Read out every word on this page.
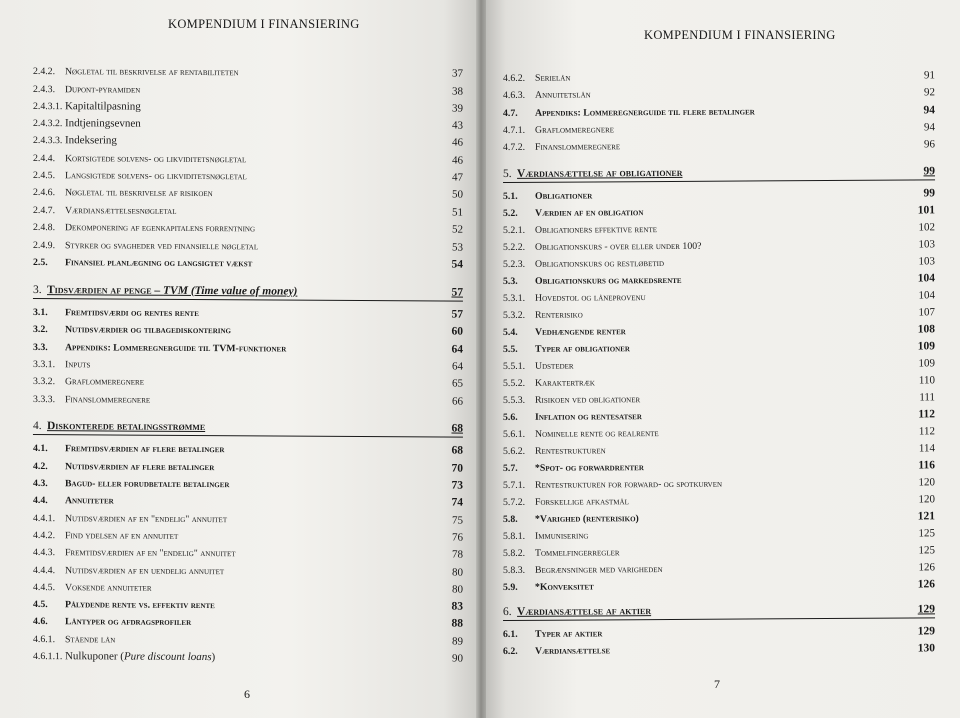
KOMPENDIUM I FINANSIERING
2.4.2.	Nøgletal til beskrivelse af rentabiliteten	37
2.4.3.	Dupont-pyramiden	38
2.4.3.1. Kapitaltilpasning	39
2.4.3.2. Indtjeningsevnen	43
2.4.3.3. Indeksering	46
2.4.4.	Kortsigtede solvens- og likviditetsnøgletal	46
2.4.5.	Langsigtede solvens- og likviditetsnøgletal	47
2.4.6.	Nøgletal til beskrivelse af risikoen	50
2.4.7.	Værdiansættelsesnøgletal	51
2.4.8.	Dekomponering af egenkapitalens forrentning	52
2.4.9.	Styrker og svagheder ved finansielle nøgletal	53
2.5.	Finansiel planlægning og langsigtet vækst	54
3. Tidsværdien af penge – TVM (Time value of money)	57
3.1.	Fremtidsværdi og rentes rente	57
3.2.	Nutidsværdier og tilbagediskontering	60
3.3.	Appendiks: Lommeregnerguide til TVM-funktioner	64
3.3.1.	Inputs	64
3.3.2.	Graflommeregnere	65
3.3.3.	Finanslommeregnere	66
4. Diskonterede betalingsstrømme	68
4.1.	Fremtidsværdien af flere betalinger	68
4.2.	Nutidsværdien af flere betalinger	70
4.3.	Bagud- eller forudbetalte betalinger	73
4.4.	Annuiteter	74
4.4.1.	Nutidsværdien af en "endelig" annuitet	75
4.4.2.	Find ydelsen af en annuitet	76
4.4.3.	Fremtidsværdien af en "endelig" annuitet	78
4.4.4.	Nutidsværdien af en uendelig annuitet	80
4.4.5.	Voksende annuiteter	80
4.5.	Pålydende rente vs. effektiv rente	83
4.6.	Låntyper og afdragsprofiler	88
4.6.1.	Stående lån	89
4.6.1.1. Nulkuponer (Pure discount loans)	90
6
KOMPENDIUM I FINANSIERING
4.6.2.	Serielån	91
4.6.3.	Annuitetslån	92
4.7.	Appendiks: Lommeregnerguide til flere betalinger	94
4.7.1.	Graflommeregnere	94
4.7.2.	Finanslommeregnere	96
5. Værdiansættelse af obligationer	99
5.1.	Obligationer	99
5.2.	Værdien af en obligation	101
5.2.1.	Obligationers effektive rente	102
5.2.2.	Obligationskurs - over eller under 100?	103
5.2.3.	Obligationskurs og restløbetid	103
5.3.	Obligationskurs og markedsrente	104
5.3.1.	Hovedstol og låneprovenu	104
5.3.2.	Renterisiko	107
5.4.	Vedhængende renter	108
5.5.	Typer af obligationer	109
5.5.1.	Udsteder	109
5.5.2.	Karaktertræk	110
5.5.3.	Risikoen ved obligationer	111
5.6.	Inflation og rentesatser	112
5.6.1.	Nominelle rente og realrente	112
5.6.2.	Rentestrukturen	114
5.7.	*Spot- og forwardrenter	116
5.7.1.	Rentestrukturen for forward- og spotkurven	120
5.7.2.	Forskellige afkastmål	120
5.8.	*Varighed (renterisiko)	121
5.8.1.	Immunisering	125
5.8.2.	Tommelfingerregler	125
5.8.3.	Begrænsninger med varigheden	126
5.9.	*Konveksitet	126
6. Værdiansættelse af aktier	129
6.1.	Typer af aktier	129
6.2.	Værdiansættelse	130
7
